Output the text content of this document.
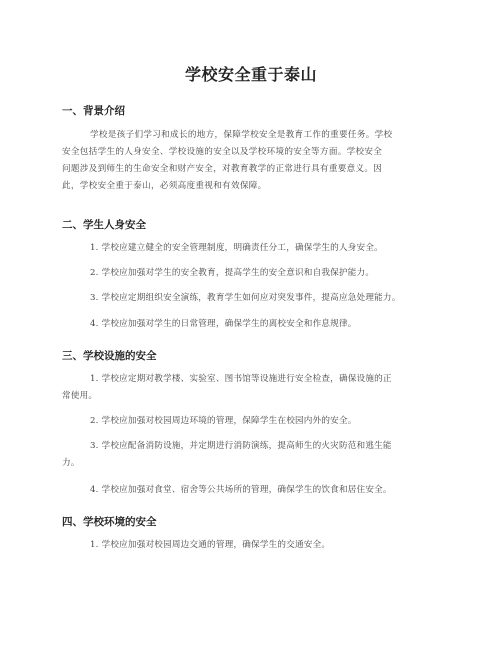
学校安全重于泰山
一、背景介绍
学校是孩子们学习和成长的地方，保障学校安全是教育工作的重要任务。学校
安全包括学生的人身安全、学校设施的安全以及学校环境的安全等方面。学校安全
问题涉及到师生的生命安全和财产安全，对教育教学的正常进行具有重要意义。因
此，学校安全重于泰山，必须高度重视和有效保障。
二、学生人身安全
1. 学校应建立健全的安全管理制度，明确责任分工，确保学生的人身安全。
2. 学校应加强对学生的安全教育，提高学生的安全意识和自我保护能力。
3. 学校应定期组织安全演练，教育学生如何应对突发事件，提高应急处理能力。
4. 学校应加强对学生的日常管理，确保学生的离校安全和作息规律。
三、学校设施的安全
1. 学校应定期对教学楼、实验室、图书馆等设施进行安全检查，确保设施的正
常使用。
2. 学校应加强对校园周边环境的管理，保障学生在校园内外的安全。
3. 学校应配备消防设施，并定期进行消防演练，提高师生的火灾防范和逃生能
力。
4. 学校应加强对食堂、宿舍等公共场所的管理，确保学生的饮食和居住安全。
四、学校环境的安全
1. 学校应加强对校园周边交通的管理，确保学生的交通安全。
